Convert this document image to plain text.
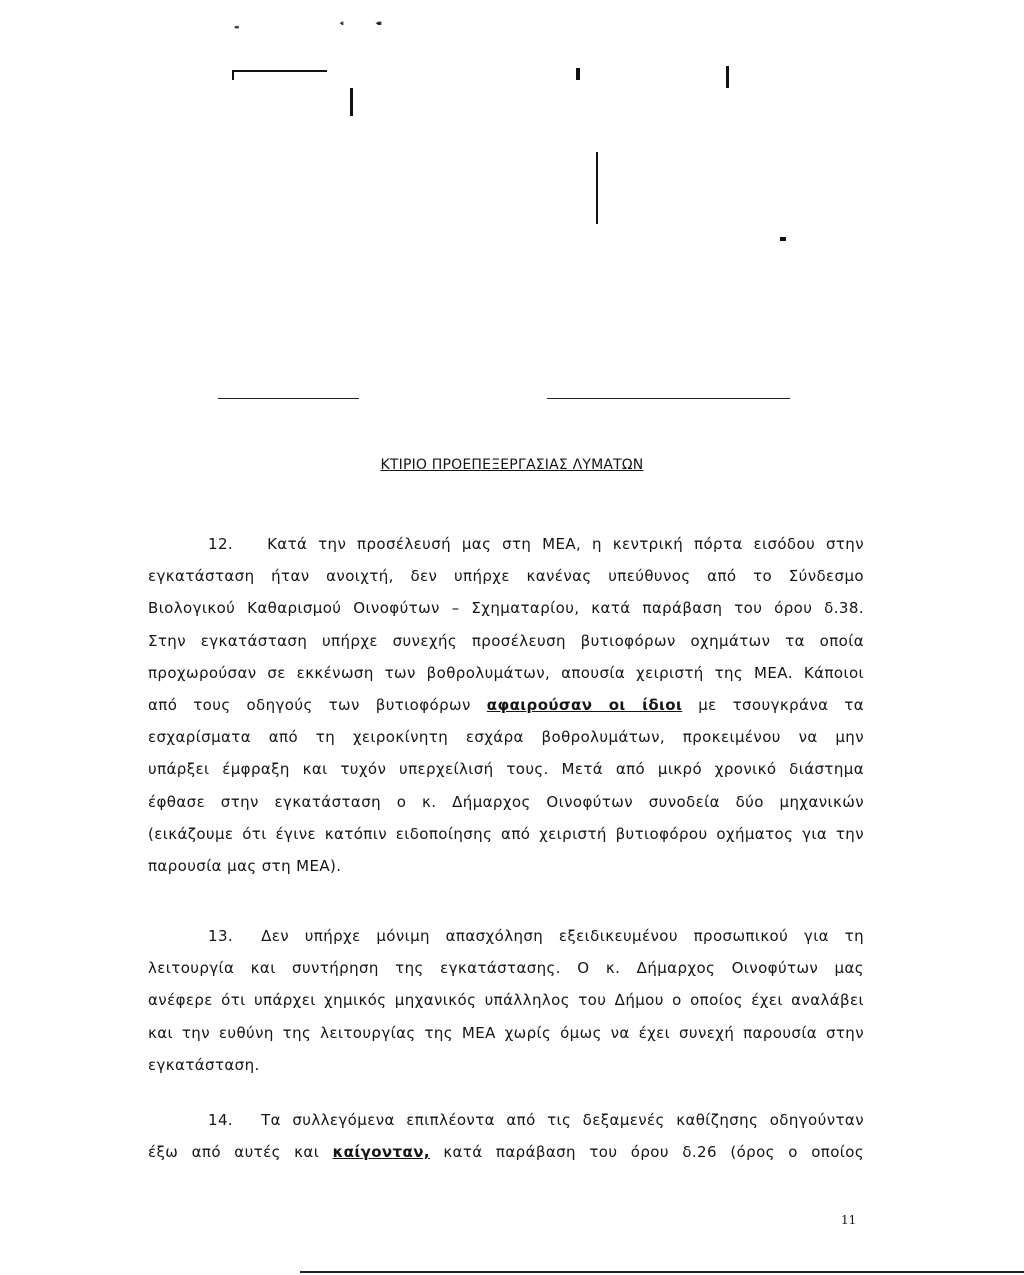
ΚΤΙΡΙΟ ΠΡΟΕΠΕΞΕΡΓΑΣΙΑΣ ΛΥΜΑΤΩΝ
12. Κατά την προσέλευσή μας στη ΜΕΑ, η κεντρική πόρτα εισόδου στην
εγκατάσταση ήταν ανοιχτή, δεν υπήρχε κανένας υπεύθυνος από το Σύνδεσμο
Βιολογικού Καθαρισμού Οινοφύτων – Σχηματαρίου, κατά παράβαση του όρου δ.38.
Στην εγκατάσταση υπήρχε συνεχής προσέλευση βυτιοφόρων οχημάτων τα οποία
προχωρούσαν σε εκκένωση των βοθρολυμάτων, απουσία χειριστή της ΜΕΑ. Κάποιοι
από τους οδηγούς των βυτιοφόρων αφαιρούσαν οι ίδιοι με τσουγκράνα τα
εσχαρίσματα από τη χειροκίνητη εσχάρα βοθρολυμάτων, προκειμένου να μην
υπάρξει έμφραξη και τυχόν υπερχείλισή τους. Μετά από μικρό χρονικό διάστημα
έφθασε στην εγκατάσταση ο κ. Δήμαρχος Οινοφύτων συνοδεία δύο μηχανικών
(εικάζουμε ότι έγινε κατόπιν ειδοποίησης από χειριστή βυτιοφόρου οχήματος για την
παρουσία μας στη ΜΕΑ).
13. Δεν υπήρχε μόνιμη απασχόληση εξειδικευμένου προσωπικού για τη
λειτουργία και συντήρηση της εγκατάστασης. Ο κ. Δήμαρχος Οινοφύτων μας
ανέφερε ότι υπάρχει χημικός μηχανικός υπάλληλος του Δήμου ο οποίος έχει αναλάβει
και την ευθύνη της λειτουργίας της ΜΕΑ χωρίς όμως να έχει συνεχή παρουσία στην
εγκατάσταση.
14. Τα συλλεγόμενα επιπλέοντα από τις δεξαμενές καθίζησης οδηγούνταν
έξω από αυτές και καίγονταν, κατά παράβαση του όρου δ.26 (όρος ο οποίος
11
